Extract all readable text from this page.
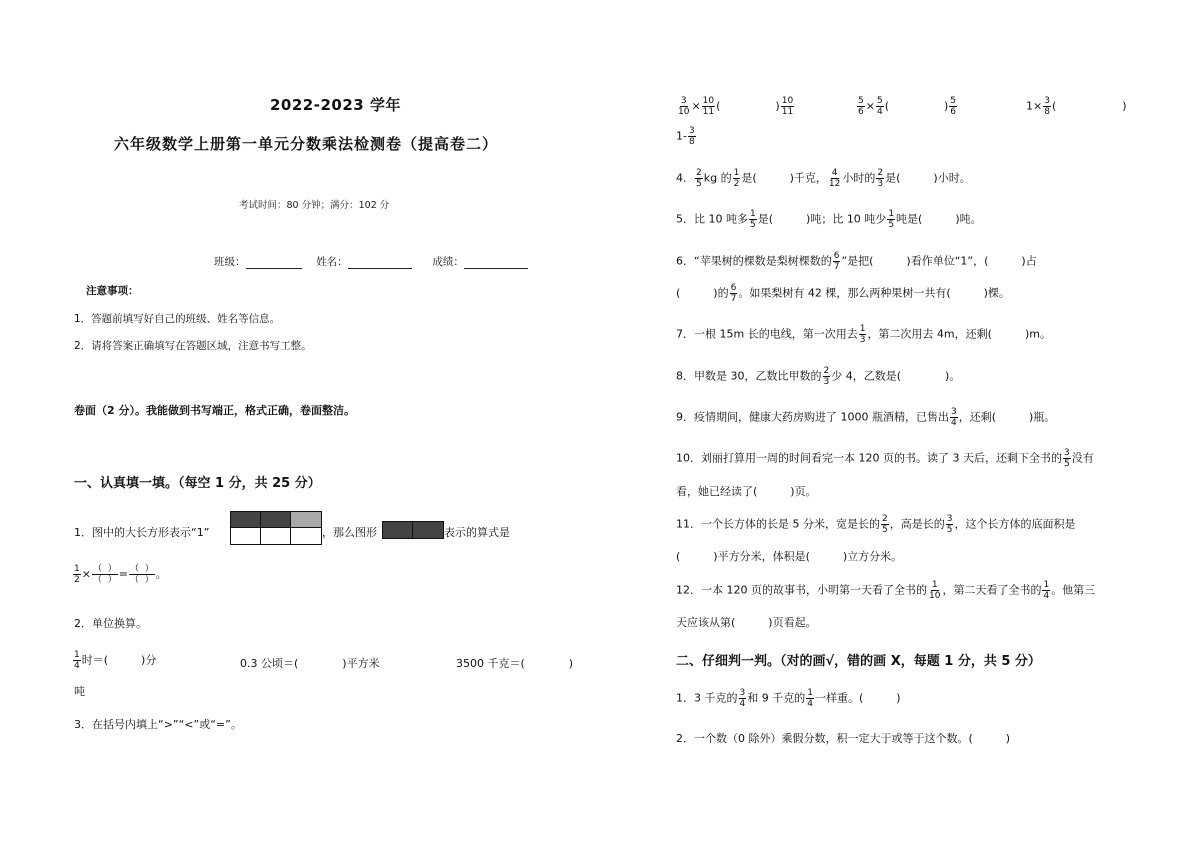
2022-2023 学年
六年级数学上册第一单元分数乘法检测卷（提高卷二）
考试时间：80 分钟；满分：102 分
班级：	姓名：	成绩：
注意事项：
1．答题前填写好自己的班级、姓名等信息。
2．请将答案正确填写在答题区域，注意书写工整。
卷面（2 分）。我能做到书写端正，格式正确，卷面整洁。
一、认真填一填。（每空 1 分，共 25 分）
1．图中的大长方形表示“1”	，那么图形	表示的算式是
$\frac{1}{2} \times \frac{( )}{( )} = \frac{( )}{( )}$ 。
2．单位换算。
$\frac{1}{4}$ 时＝(　　　)分	0.3 公顷＝(　　　　)平方米	3500 千克＝(　　　　)
吨
3．在括号内填上“>”“<”或“=”。
$\frac{3}{10} \times \frac{10}{11}$ (　　　　　) $\frac{10}{11}$	$\frac{5}{6} \times \frac{5}{4}$ (　　　　　) $\frac{5}{6}$	$1\times \frac{3}{8}$ (　　　　　　)
$1- \frac{3}{8}$
4． $\frac{2}{5}$ kg 的 $\frac{1}{2}$ 是(　　　)千克， $\frac{4}{12}$ 小时的 $\frac{2}{3}$ 是(　　　)小时。
5．比 10 吨多 $\frac{1}{5}$ 是(　　　)吨；比 10 吨少 $\frac{1}{5}$ 吨是(　　　)吨。
6．“苹果树的棵数是梨树棵数的 $\frac{6}{7}$ ”是把(　　　)看作单位“1”，(　　　)占
(　　　)的 $\frac{6}{7}$ 。如果梨树有 42 棵，那么两种果树一共有(　　　)棵。
7．一根 15m 长的电线，第一次用去 $\frac{1}{3}$ ，第二次用去 4m，还剩(　　　)m。
8．甲数是 30，乙数比甲数的 $\frac{2}{3}$ 少 4，乙数是(　　　　)。
9．疫情期间，健康大药房购进了 1000 瓶酒精，已售出 $\frac{3}{4}$ ，还剩(　　　)瓶。
10．刘丽打算用一周的时间看完一本 120 页的书。读了 3 天后，还剩下全书的 $\frac{3}{5}$ 没有
看，她已经读了(　　　)页。
11．一个长方体的长是 5 分米，宽是长的 $\frac{2}{5}$ ，高是长的 $\frac{3}{5}$ ，这个长方体的底面积是
(　　　)平方分米，体积是(　　　)立方分米。
12．一本 120 页的故事书，小明第一天看了全书的 $\frac{1}{10}$ ，第二天看了全书的 $\frac{1}{4}$ 。他第三
天应该从第(　　　)页看起。
二、仔细判一判。（对的画√，错的画 X，每题 1 分，共 5 分）
1．3 千克的 $\frac{3}{4}$ 和 9 千克的 $\frac{1}{4}$ 一样重。(　　　)
2．一个数（0 除外）乘假分数，积一定大于或等于这个数。(　　　)
